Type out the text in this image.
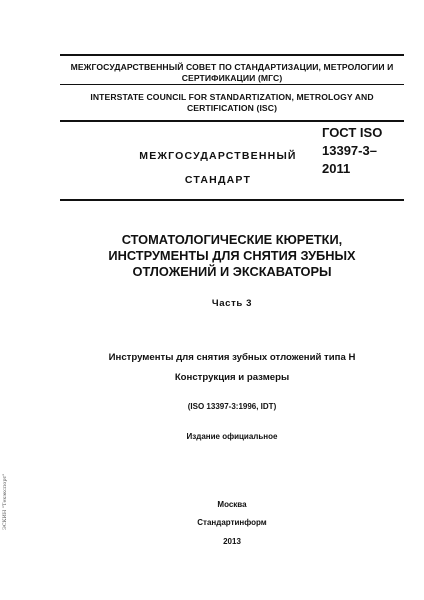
МЕЖГОСУДАРСТВЕННЫЙ СОВЕТ ПО СТАНДАРТИЗАЦИИ, МЕТРОЛОГИИ И СЕРТИФИКАЦИИ (МГС)
INTERSTATE COUNCIL FOR STANDARTIZATION, METROLOGY AND CERTIFICATION (ISC)
МЕЖГОСУДАРСТВЕННЫЙ
СТАНДАРТ
ГОСТ ISO
13397-3–
2011
СТОМАТОЛОГИЧЕСКИЕ КЮРЕТКИ,
ИНСТРУМЕНТЫ ДЛЯ СНЯТИЯ ЗУБНЫХ
ОТЛОЖЕНИЙ И ЭКСКАВАТОРЫ
Часть 3
Инструменты для снятия зубных отложений типа Н
Конструкция и размеры
(ISO 13397-3:1996, IDT)
Издание официальное
Москва
Стандартинформ
2013
ЭСКИН "Техэкспорт"
